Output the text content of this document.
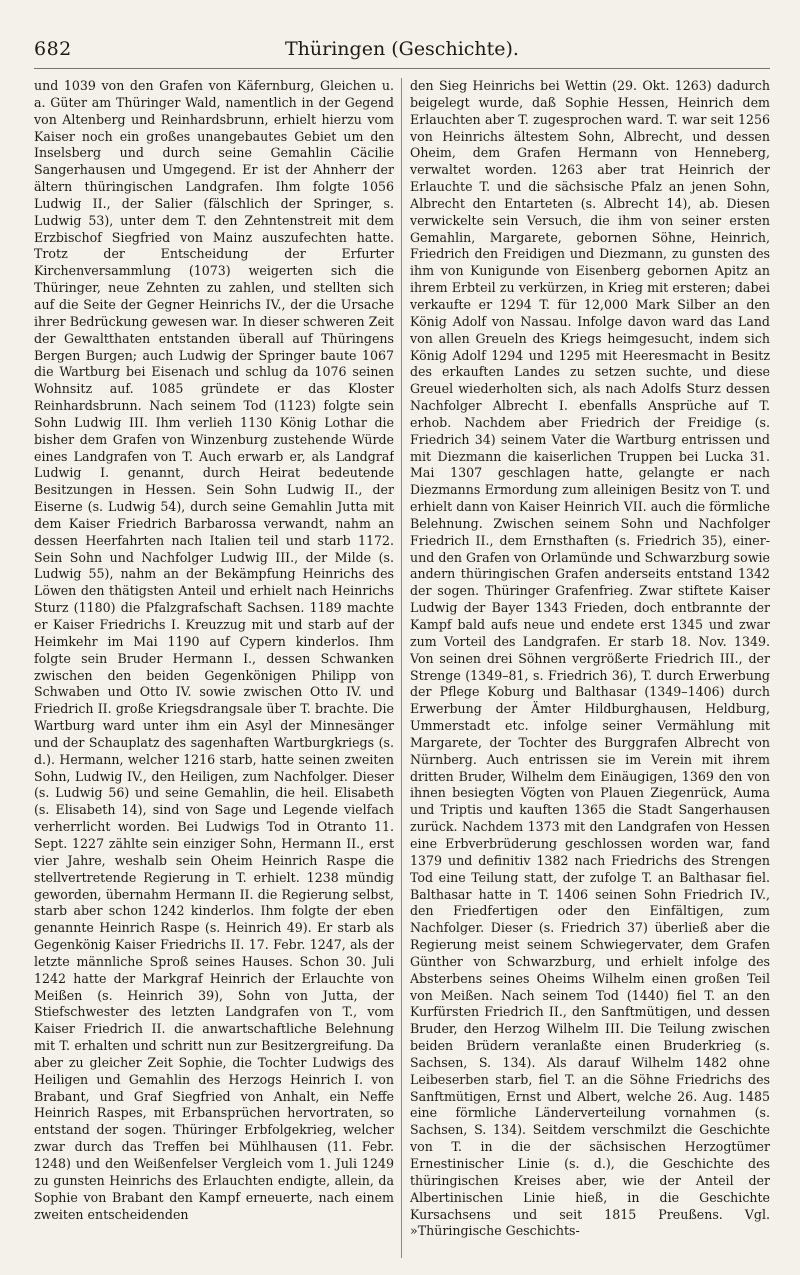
682	Thüringen (Geschichte).

und 1039 von den Grafen von Käfernburg, Gleichen u. a. Güter am Thüringer Wald, namentlich in der Gegend von Altenberg und Reinhardsbrunn, erhielt hierzu vom Kaiser noch ein großes unangebautes Gebiet um den Inselsberg und durch seine Gemahlin Cäcilie Sangerhausen und Umgegend. Er ist der Ahnherr der ältern thüringischen Landgrafen. Ihm folgte 1056 Ludwig II., der Salier (fälschlich der Springer, s. Ludwig 53), unter dem T. den Zehntenstreit mit dem Erzbischof Siegfried von Mainz auszufechten hatte. Trotz der Entscheidung der Erfurter Kirchenversammlung (1073) weigerten sich die Thüringer, neue Zehnten zu zahlen, und stellten sich auf die Seite der Gegner Heinrichs IV., der die Ursache ihrer Bedrückung gewesen war. In dieser schweren Zeit der Gewaltthaten entstanden überall auf Thüringens Bergen Burgen; auch Ludwig der Springer baute 1067 die Wartburg bei Eisenach und schlug da 1076 seinen Wohnsitz auf. 1085 gründete er das Kloster Reinhardsbrunn. Nach seinem Tod (1123) folgte sein Sohn Ludwig III. Ihm verlieh 1130 König Lothar die bisher dem Grafen von Winzenburg zustehende Würde eines Landgrafen von T. Auch erwarb er, als Landgraf Ludwig I. genannt, durch Heirat bedeutende Besitzungen in Hessen. Sein Sohn Ludwig II., der Eiserne (s. Ludwig 54), durch seine Gemahlin Jutta mit dem Kaiser Friedrich Barbarossa verwandt, nahm an dessen Heerfahrten nach Italien teil und starb 1172. Sein Sohn und Nachfolger Ludwig III., der Milde (s. Ludwig 55), nahm an der Bekämpfung Heinrichs des Löwen den thätigsten Anteil und erhielt nach Heinrichs Sturz (1180) die Pfalzgrafschaft Sachsen. 1189 machte er Kaiser Friedrichs I. Kreuzzug mit und starb auf der Heimkehr im Mai 1190 auf Cypern kinderlos. Ihm folgte sein Bruder Hermann I., dessen Schwanken zwischen den beiden Gegenkönigen Philipp von Schwaben und Otto IV. sowie zwischen Otto IV. und Friedrich II. große Kriegsdrangsale über T. brachte. Die Wartburg ward unter ihm ein Asyl der Minnesänger und der Schauplatz des sagenhaften Wartburgkriegs (s. d.). Hermann, welcher 1216 starb, hatte seinen zweiten Sohn, Ludwig IV., den Heiligen, zum Nachfolger. Dieser (s. Ludwig 56) und seine Gemahlin, die heil. Elisabeth (s. Elisabeth 14), sind von Sage und Legende vielfach verherrlicht worden. Bei Ludwigs Tod in Otranto 11. Sept. 1227 zählte sein einziger Sohn, Hermann II., erst vier Jahre, weshalb sein Oheim Heinrich Raspe die stellvertretende Regierung in T. erhielt. 1238 mündig geworden, übernahm Hermann II. die Regierung selbst, starb aber schon 1242 kinderlos. Ihm folgte der eben genannte Heinrich Raspe (s. Heinrich 49). Er starb als Gegenkönig Kaiser Friedrichs II. 17. Febr. 1247, als der letzte männliche Sproß seines Hauses. Schon 30. Juli 1242 hatte der Markgraf Heinrich der Erlauchte von Meißen (s. Heinrich 39), Sohn von Jutta, der Stiefschwester des letzten Landgrafen von T., vom Kaiser Friedrich II. die anwartschaftliche Belehnung mit T. erhalten und schritt nun zur Besitzergreifung. Da aber zu gleicher Zeit Sophie, die Tochter Ludwigs des Heiligen und Gemahlin des Herzogs Heinrich I. von Brabant, und Graf Siegfried von Anhalt, ein Neffe Heinrich Raspes, mit Erbansprüchen hervortraten, so entstand der sogen. Thüringer Erbfolgekrieg, welcher zwar durch das Treffen bei Mühlhausen (11. Febr. 1248) und den Weißenfelser Vergleich vom 1. Juli 1249 zu gunsten Heinrichs des Erlauchten endigte, allein, da Sophie von Brabant den Kampf erneuerte, nach einem zweiten entscheidenden

den Sieg Heinrichs bei Wettin (29. Okt. 1263) dadurch beigelegt wurde, daß Sophie Hessen, Heinrich dem Erlauchten aber T. zugesprochen ward. T. war seit 1256 von Heinrichs ältestem Sohn, Albrecht, und dessen Oheim, dem Grafen Hermann von Henneberg, verwaltet worden. 1263 aber trat Heinrich der Erlauchte T. und die sächsische Pfalz an jenen Sohn, Albrecht den Entarteten (s. Albrecht 14), ab. Diesen verwickelte sein Versuch, die ihm von seiner ersten Gemahlin, Margarete, gebornen Söhne, Heinrich, Friedrich den Freidigen und Diezmann, zu gunsten des ihm von Kunigunde von Eisenberg gebornen Apitz an ihrem Erbteil zu verkürzen, in Krieg mit ersteren; dabei verkaufte er 1294 T. für 12,000 Mark Silber an den König Adolf von Nassau. Infolge davon ward das Land von allen Greueln des Kriegs heimgesucht, indem sich König Adolf 1294 und 1295 mit Heeresmacht in Besitz des erkauften Landes zu setzen suchte, und diese Greuel wiederholten sich, als nach Adolfs Sturz dessen Nachfolger Albrecht I. ebenfalls Ansprüche auf T. erhob. Nachdem aber Friedrich der Freidige (s. Friedrich 34) seinem Vater die Wartburg entrissen und mit Diezmann die kaiserlichen Truppen bei Lucka 31. Mai 1307 geschlagen hatte, gelangte er nach Diezmanns Ermordung zum alleinigen Besitz von T. und erhielt dann von Kaiser Heinrich VII. auch die förmliche Belehnung. Zwischen seinem Sohn und Nachfolger Friedrich II., dem Ernsthaften (s. Friedrich 35), einer- und den Grafen von Orlamünde und Schwarzburg sowie andern thüringischen Grafen anderseits entstand 1342 der sogen. Thüringer Grafenfrieg. Zwar stiftete Kaiser Ludwig der Bayer 1343 Frieden, doch entbrannte der Kampf bald aufs neue und endete erst 1345 und zwar zum Vorteil des Landgrafen. Er starb 18. Nov. 1349. Von seinen drei Söhnen vergrößerte Friedrich III., der Strenge (1349–81, s. Friedrich 36), T. durch Erwerbung der Pflege Koburg und Balthasar (1349–1406) durch Erwerbung der Ämter Hildburghausen, Heldburg, Ummerstadt etc. infolge seiner Vermählung mit Margarete, der Tochter des Burggrafen Albrecht von Nürnberg. Auch entrissen sie im Verein mit ihrem dritten Bruder, Wilhelm dem Einäugigen, 1369 den von ihnen besiegten Vögten von Plauen Ziegenrück, Auma und Triptis und kauften 1365 die Stadt Sangerhausen zurück. Nachdem 1373 mit den Landgrafen von Hessen eine Erbverbrüderung geschlossen worden war, fand 1379 und definitiv 1382 nach Friedrichs des Strengen Tod eine Teilung statt, der zufolge T. an Balthasar fiel. Balthasar hatte in T. 1406 seinen Sohn Friedrich IV., den Friedfertigen oder den Einfältigen, zum Nachfolger. Dieser (s. Friedrich 37) überließ aber die Regierung meist seinem Schwiegervater, dem Grafen Günther von Schwarzburg, und erhielt infolge des Absterbens seines Oheims Wilhelm einen großen Teil von Meißen. Nach seinem Tod (1440) fiel T. an den Kurfürsten Friedrich II., den Sanftmütigen, und dessen Bruder, den Herzog Wilhelm III. Die Teilung zwischen beiden Brüdern veranlaßte einen Bruderkrieg (s. Sachsen, S. 134). Als darauf Wilhelm 1482 ohne Leibeserben starb, fiel T. an die Söhne Friedrichs des Sanftmütigen, Ernst und Albert, welche 26. Aug. 1485 eine förmliche Länderverteilung vornahmen (s. Sachsen, S. 134). Seitdem verschmilzt die Geschichte von T. in die der sächsischen Herzogtümer Ernestinischer Linie (s. d.), die Geschichte des thüringischen Kreises aber, wie der Anteil der Albertinischen Linie hieß, in die Geschichte Kursachsens und seit 1815 Preußens. Vgl. »Thüringische Geschichts-
